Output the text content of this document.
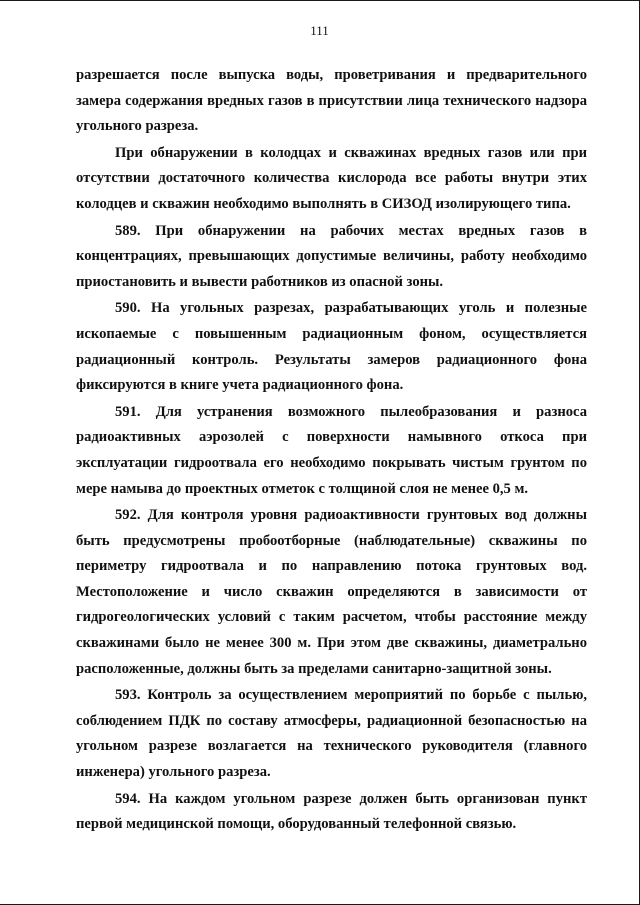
111

разрешается после выпуска воды, проветривания и предварительного замера содержания вредных газов в присутствии лица технического надзора угольного разреза.

При обнаружении в колодцах и скважинах вредных газов или при отсутствии достаточного количества кислорода все работы внутри этих колодцев и скважин необходимо выполнять в СИЗОД изолирующего типа.

589. При обнаружении на рабочих местах вредных газов в концентрациях, превышающих допустимые величины, работу необходимо приостановить и вывести работников из опасной зоны.

590. На угольных разрезах, разрабатывающих уголь и полезные ископаемые с повышенным радиационным фоном, осуществляется радиационный контроль. Результаты замеров радиационного фона фиксируются в книге учета радиационного фона.

591. Для устранения возможного пылеобразования и разноса радиоактивных аэрозолей с поверхности намывного откоса при эксплуатации гидроотвала его необходимо покрывать чистым грунтом по мере намыва до проектных отметок с толщиной слоя не менее 0,5 м.

592. Для контроля уровня радиоактивности грунтовых вод должны быть предусмотрены пробоотборные (наблюдательные) скважины по периметру гидроотвала и по направлению потока грунтовых вод. Местоположение и число скважин определяются в зависимости от гидрогеологических условий с таким расчетом, чтобы расстояние между скважинами было не менее 300 м. При этом две скважины, диаметрально расположенные, должны быть за пределами санитарно-защитной зоны.

593. Контроль за осуществлением мероприятий по борьбе с пылью, соблюдением ПДК по составу атмосферы, радиационной безопасностью на угольном разрезе возлагается на технического руководителя (главного инженера) угольного разреза.

594. На каждом угольном разрезе должен быть организован пункт первой медицинской помощи, оборудованный телефонной связью.
